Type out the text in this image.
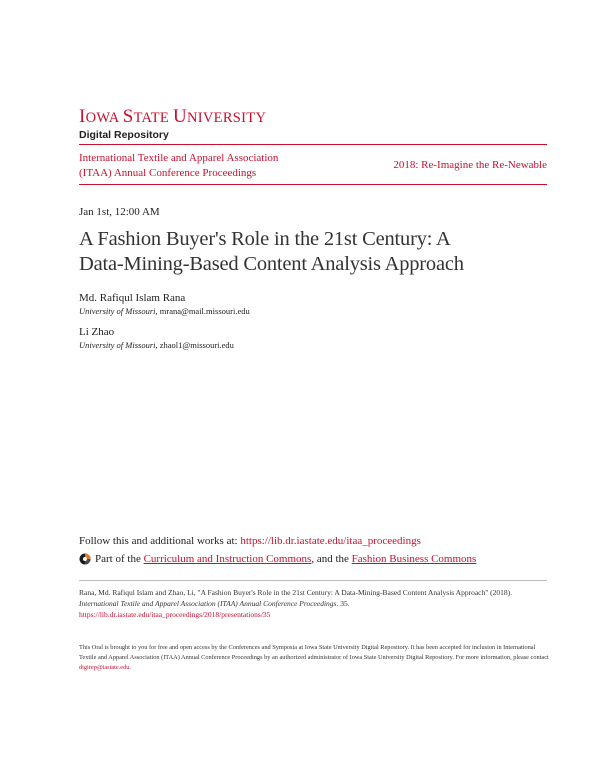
IOWA STATE UNIVERSITY
Digital Repository
International Textile and Apparel Association
(ITAA) Annual Conference Proceedings
2018: Re-Imagine the Re-Newable
Jan 1st, 12:00 AM
A Fashion Buyer's Role in the 21st Century: A
Data-Mining-Based Content Analysis Approach
Md. Rafiqul Islam Rana
University of Missouri, mrana@mail.missouri.edu
Li Zhao
University of Missouri, zhaol1@missouri.edu
Follow this and additional works at: https://lib.dr.iastate.edu/itaa_proceedings
Part of the
Curriculum and Instruction Commons , and the
Fashion Business Commons
Rana, Md. Rafiqul Islam and Zhao, Li, "A Fashion Buyer's Role in the 21st Century: A Data-Mining-Based Content Analysis Approach" (2018). International Textile and Apparel Association (ITAA) Annual Conference Proceedings. 35.
https://lib.dr.iastate.edu/itaa_proceedings/2018/presentations/35
This Oral is brought to you for free and open access by the Conferences and Symposia at Iowa State University Digital Repository. It has been accepted for inclusion in International Textile and Apparel Association (ITAA) Annual Conference Proceedings by an authorized administrator of Iowa State University Digital Repository. For more information, please contact digirep@iastate.edu.
